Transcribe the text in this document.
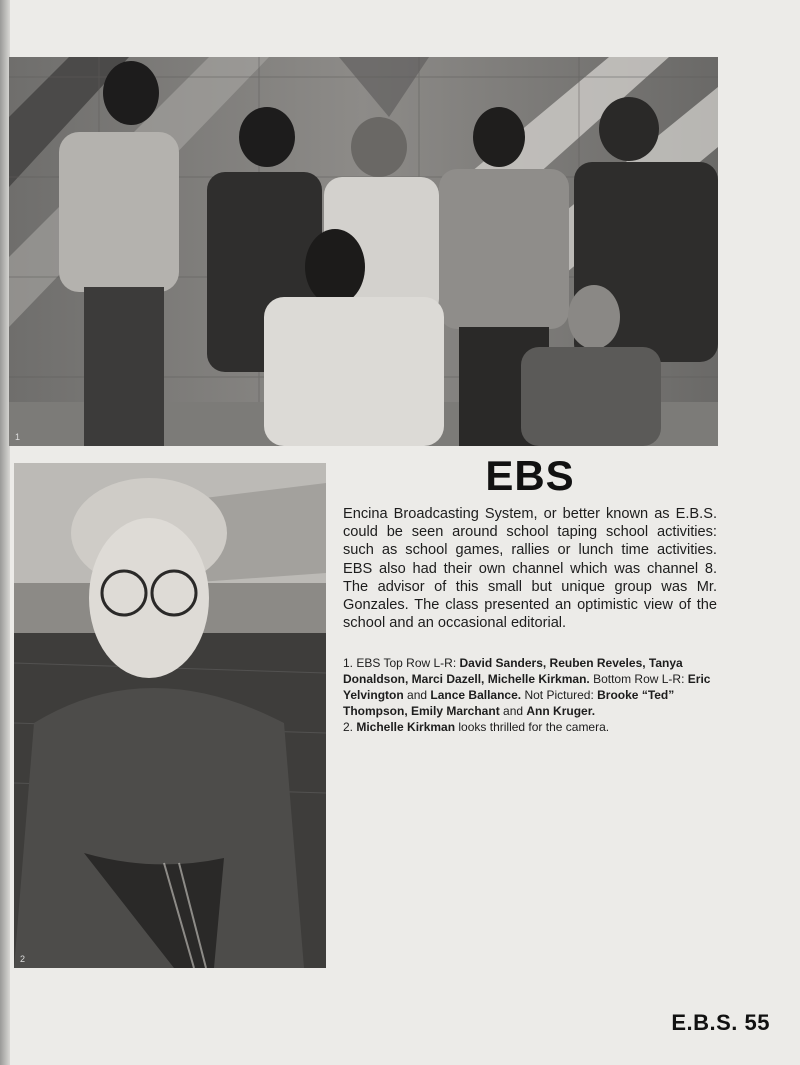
1
2
EBS
Encina Broadcasting System, or better known as E.B.S. could be seen around school taping school activities: such as school games, rallies or lunch time activities. EBS also had their own channel which was channel 8. The advisor of this small but unique group was Mr. Gonzales. The class presented an optimistic view of the school and an occasional editorial.
1. EBS Top Row L-R: David Sanders, Reuben Reveles, Tanya Donaldson, Marci Dazell, Michelle Kirkman. Bottom Row L-R: Eric Yelvington and Lance Ballance. Not Pictured: Brooke “Ted” Thompson, Emily Marchant and Ann Kruger.
2. Michelle Kirkman looks thrilled for the camera.
E.B.S. 55
